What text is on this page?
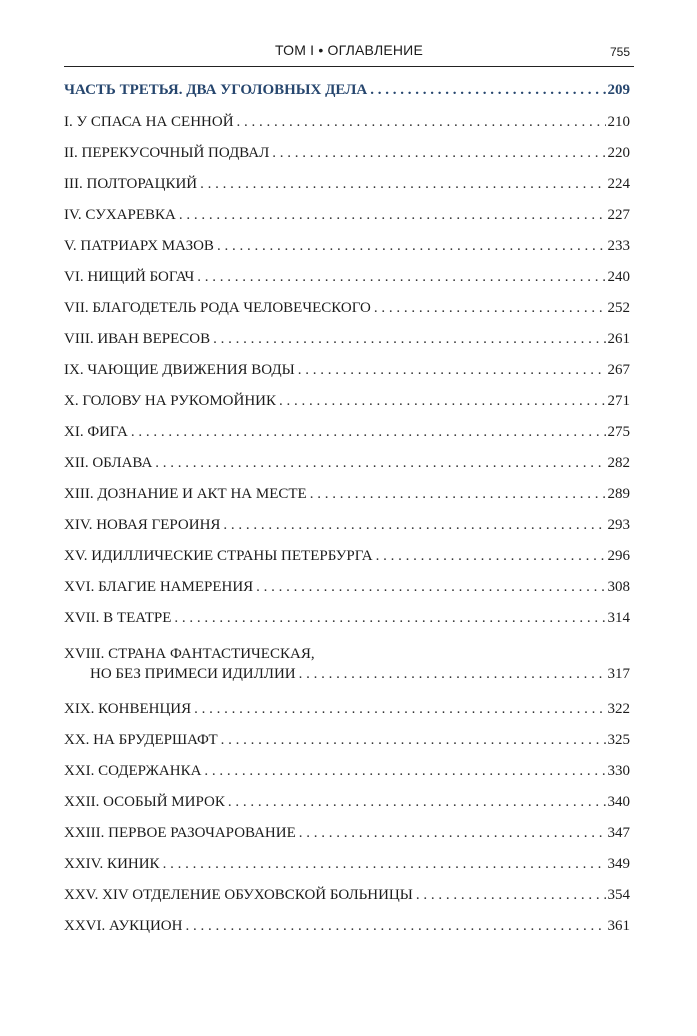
ТОМ I • ОГЛАВЛЕНИЕ	755
ЧАСТЬ ТРЕТЬЯ. ДВА УГОЛОВНЫХ ДЕЛА . . .	209
I. У СПАСА НА СЕННОЙ . . .	210
II. ПЕРЕКУСОЧНЫЙ ПОДВАЛ . . .	220
III. ПОЛТОРАЦКИЙ . . .	224
IV. СУХАРЕВКА . . .	227
V. ПАТРИАРХ МАЗОВ . . .	233
VI. НИЩИЙ БОГАЧ . . .	240
VII. БЛАГОДЕТЕЛЬ РОДА ЧЕЛОВЕЧЕСКОГО . . .	252
VIII. ИВАН ВЕРЕСОВ . . .	261
IX. ЧАЮЩИЕ ДВИЖЕНИЯ ВОДЫ . . .	267
X. ГОЛОВУ НА РУКОМОЙНИК . . .	271
XI. ФИГА . . .	275
XII. ОБЛАВА . . .	282
XIII. ДОЗНАНИЕ И АКТ НА МЕСТЕ . . .	289
XIV. НОВАЯ ГЕРОИНЯ . . .	293
XV. ИДИЛЛИЧЕСКИЕ СТРАНЫ ПЕТЕРБУРГА . . .	296
XVI. БЛАГИЕ НАМЕРЕНИЯ . . .	308
XVII. В ТЕАТРЕ . . .	314
XVIII. СТРАНА ФАНТАСТИЧЕСКАЯ,
НО БЕЗ ПРИМЕСИ ИДИЛЛИИ . . .	317
XIX. КОНВЕНЦИЯ . . .	322
XX. НА БРУДЕРШАФТ . . .	325
XXI. СОДЕРЖАНКА . . .	330
XXII. ОСОБЫЙ МИРОК . . .	340
XXIII. ПЕРВОЕ РАЗОЧАРОВАНИЕ . . .	347
XXIV. КИНИК . . .	349
XXV. XIV ОТДЕЛЕНИЕ ОБУХОВСКОЙ БОЛЬНИЦЫ . . .	354
XXVI. АУКЦИОН . . .	361
